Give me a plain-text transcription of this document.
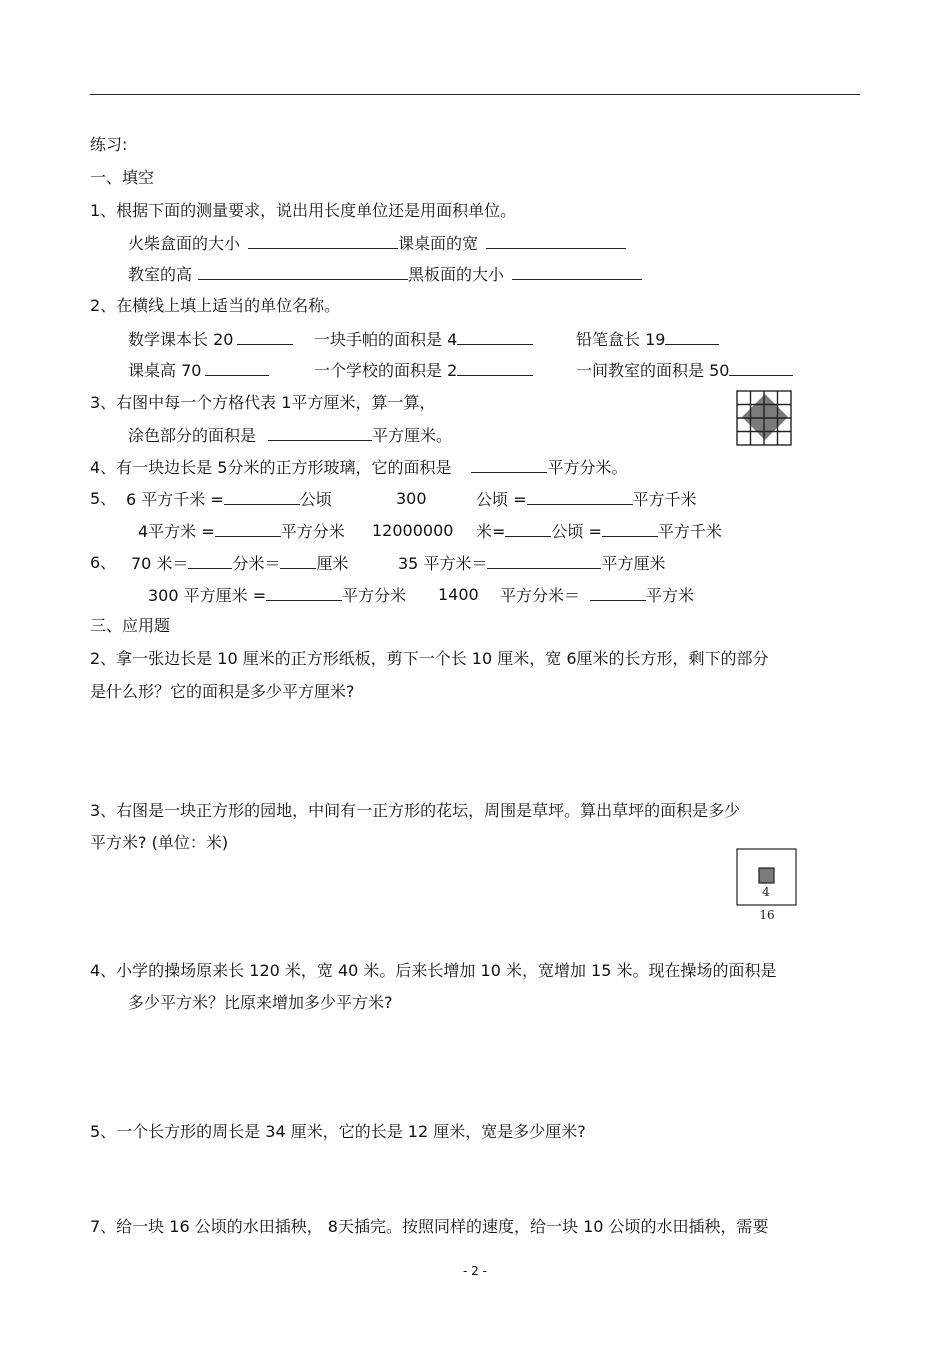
练习:
一、填空
1、根据下面的测量要求，说出用长度单位还是用面积单位。
火柴盒面的大小	课桌面的宽
教室的高	黑板面的大小
2、在横线上填上适当的单位名称。
数学课本长 20	一块手帕的面积是 4	铅笔盒长 19
课桌高 70	一个学校的面积是 2	一间教室的面积是 50
3、右图中每一个方格代表 1平方厘米，算一算，
涂色部分的面积是	平方厘米。
4、有一块边长是 5分米的正方形玻璃，它的面积是	平方分米。
5、 6 平方千米 =	公顷	300	公顷 =	平方千米
4平方米 =	平方分米 12000000 米=	公顷 =	平方千米
6、 70 米＝	分米＝ 厘米	35 平方米＝	平方厘米
300 平方厘米 =	平方分米 1400 平方分米＝	平方米
三、应用题
2、拿一张边长是 10 厘米的正方形纸板，剪下一个长 10 厘米，宽 6厘米的长方形，剩下的部分
是什么形？它的面积是多少平方厘米?
3、右图是一块正方形的园地，中间有一正方形的花坛，周围是草坪。算出草坪的面积是多少
平方米? (单位：米)
4
16
4、小学的操场原来长 120 米，宽 40 米。后来长增加 10 米，宽增加 15 米。现在操场的面积是
多少平方米？比原来增加多少平方米?
5、一个长方形的周长是 34 厘米，它的长是 12 厘米，宽是多少厘米?
7、给一块 16 公顷的水田插秧， 8天插完。按照同样的速度，给一块 10 公顷的水田插秧，需要
- 2 -
